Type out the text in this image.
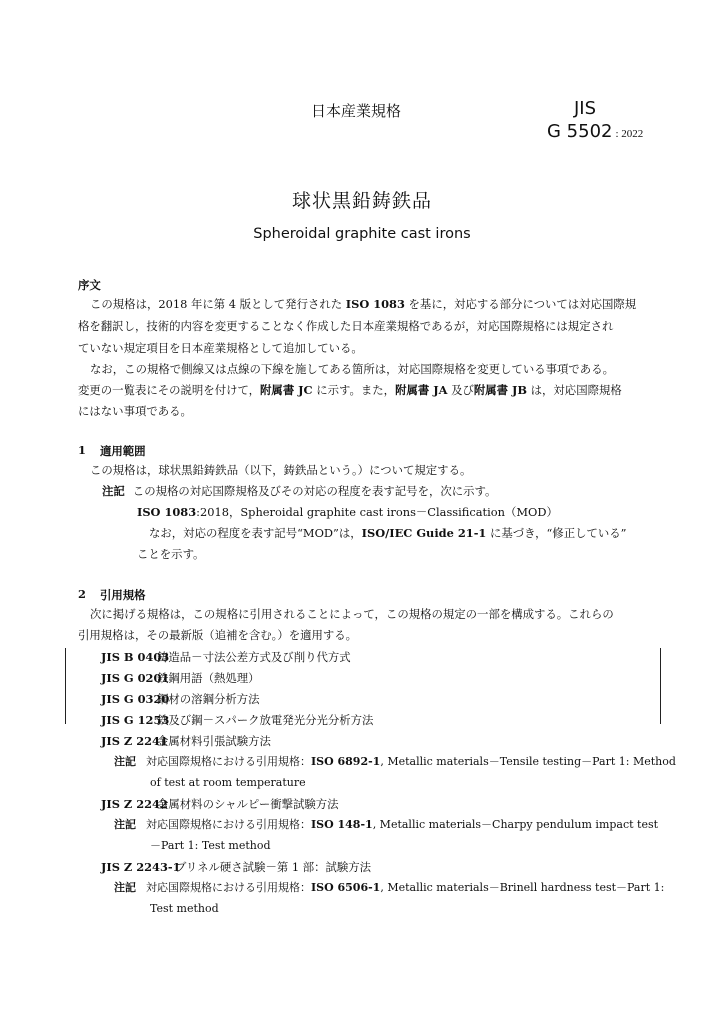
日本産業規格	JIS
G 5502 : 2022
球状黒鉛鋳鉄品
Spheroidal graphite cast irons
序文
この規格は，2018 年に第 4 版として発行された ISO 1083 を基に，対応する部分については対応国際規
格を翻訳し，技術的内容を変更することなく作成した日本産業規格であるが，対応国際規格には規定され
ていない規定項目を日本産業規格として追加している。
なお，この規格で側線又は点線の下線を施してある箇所は，対応国際規格を変更している事項である。
変更の一覧表にその説明を付けて，附属書 JC に示す。また，附属書 JA 及び附属書 JB は，対応国際規格
にはない事項である。
1 適用範囲
この規格は，球状黒鉛鋳鉄品（以下，鋳鉄品という。）について規定する。
注記 この規格の対応国際規格及びその対応の程度を表す記号を，次に示す。
ISO 1083:2018，Spheroidal graphite cast irons－Classification（MOD）
なお，対応の程度を表す記号“MOD”は，ISO/IEC Guide 21-1 に基づき，“修正している”
ことを示す。
2 引用規格
次に掲げる規格は，この規格に引用されることによって，この規格の規定の一部を構成する。これらの
引用規格は，その最新版（追補を含む。）を適用する。
JIS B 0403鋳造品－寸法公差方式及び削り代方式
JIS G 0201鉄鋼用語（熱処理）
JIS G 0320鋼材の溶鋼分析方法
JIS G 1253鉄及び鋼－スパーク放電発光分光分析方法
JIS Z 2241金属材料引張試験方法
注記 対応国際規格における引用規格：ISO 6892-1, Metallic materials－Tensile testing－Part 1: Method
of test at room temperature
JIS Z 2242金属材料のシャルピー衝撃試験方法
注記 対応国際規格における引用規格：ISO 148-1, Metallic materials－Charpy pendulum impact test
－Part 1: Test method
JIS Z 2243-1ブリネル硬さ試験－第 1 部：試験方法
注記 対応国際規格における引用規格：ISO 6506-1, Metallic materials－Brinell hardness test－Part 1:
Test method
